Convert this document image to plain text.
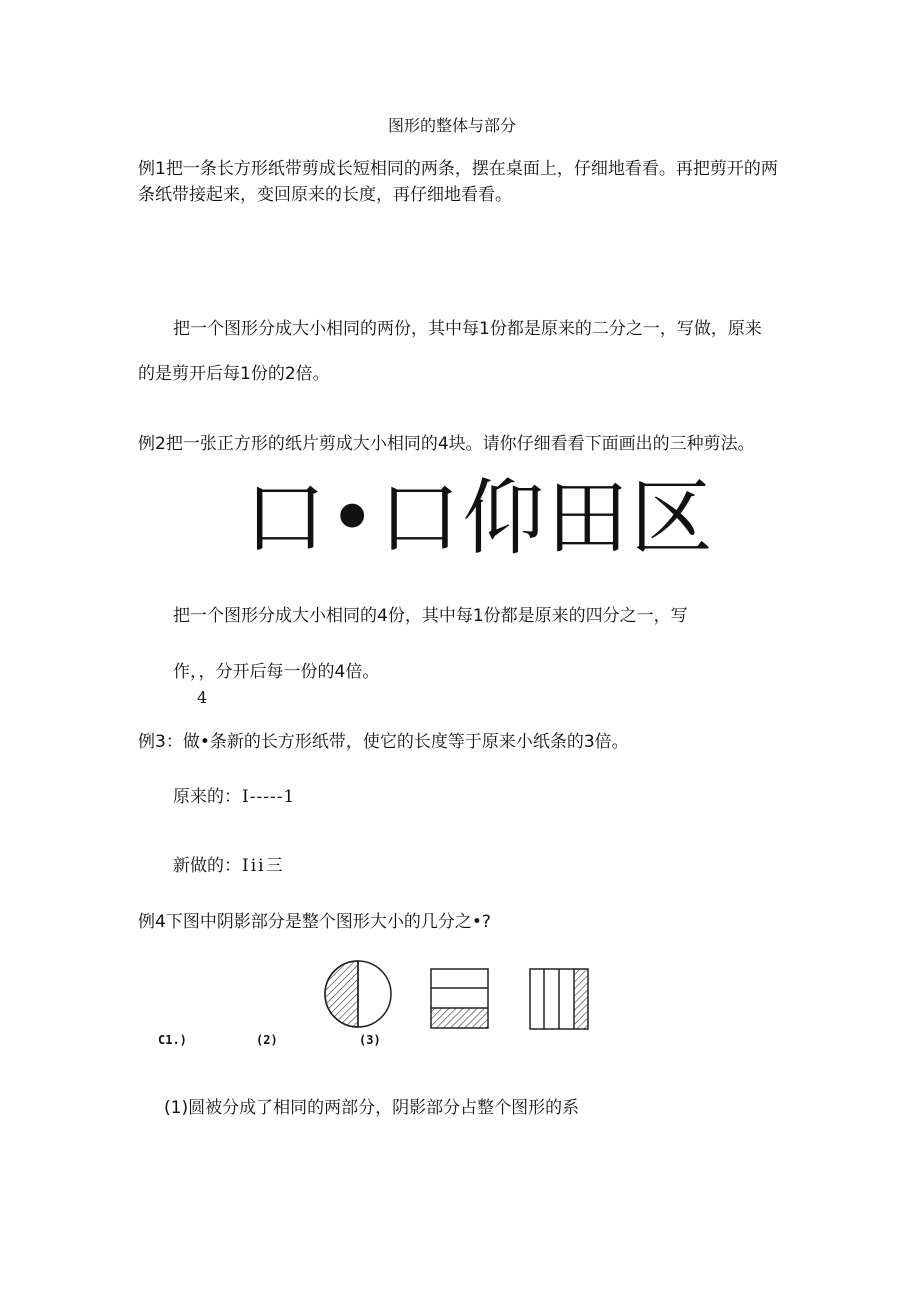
图形的整体与部分
例1把一条长方形纸带剪成长短相同的两条，摆在桌面上，仔细地看看。再把剪开的两
条纸带接起来，变回原来的长度，再仔细地看看。
把一个图形分成大小相同的两份，其中每1份都是原来的二分之一，写做，原来
的是剪开后每1份的2倍。
例2把一张正方形的纸片剪成大小相同的4块。请你仔细看看下面画出的三种剪法。
口•口仰田区
把一个图形分成大小相同的4份，其中每1份都是原来的四分之一，写
作，，分开后每一份的4倍。
4
例3：做•条新的长方形纸带，使它的长度等于原来小纸条的3倍。
原来的： I-----1
新做的： Iii三
例4下图中阴影部分是整个图形大小的几分之•?
C1.)	(2)	(3)
(1)圆被分成了相同的两部分，阴影部分占整个图形的系
